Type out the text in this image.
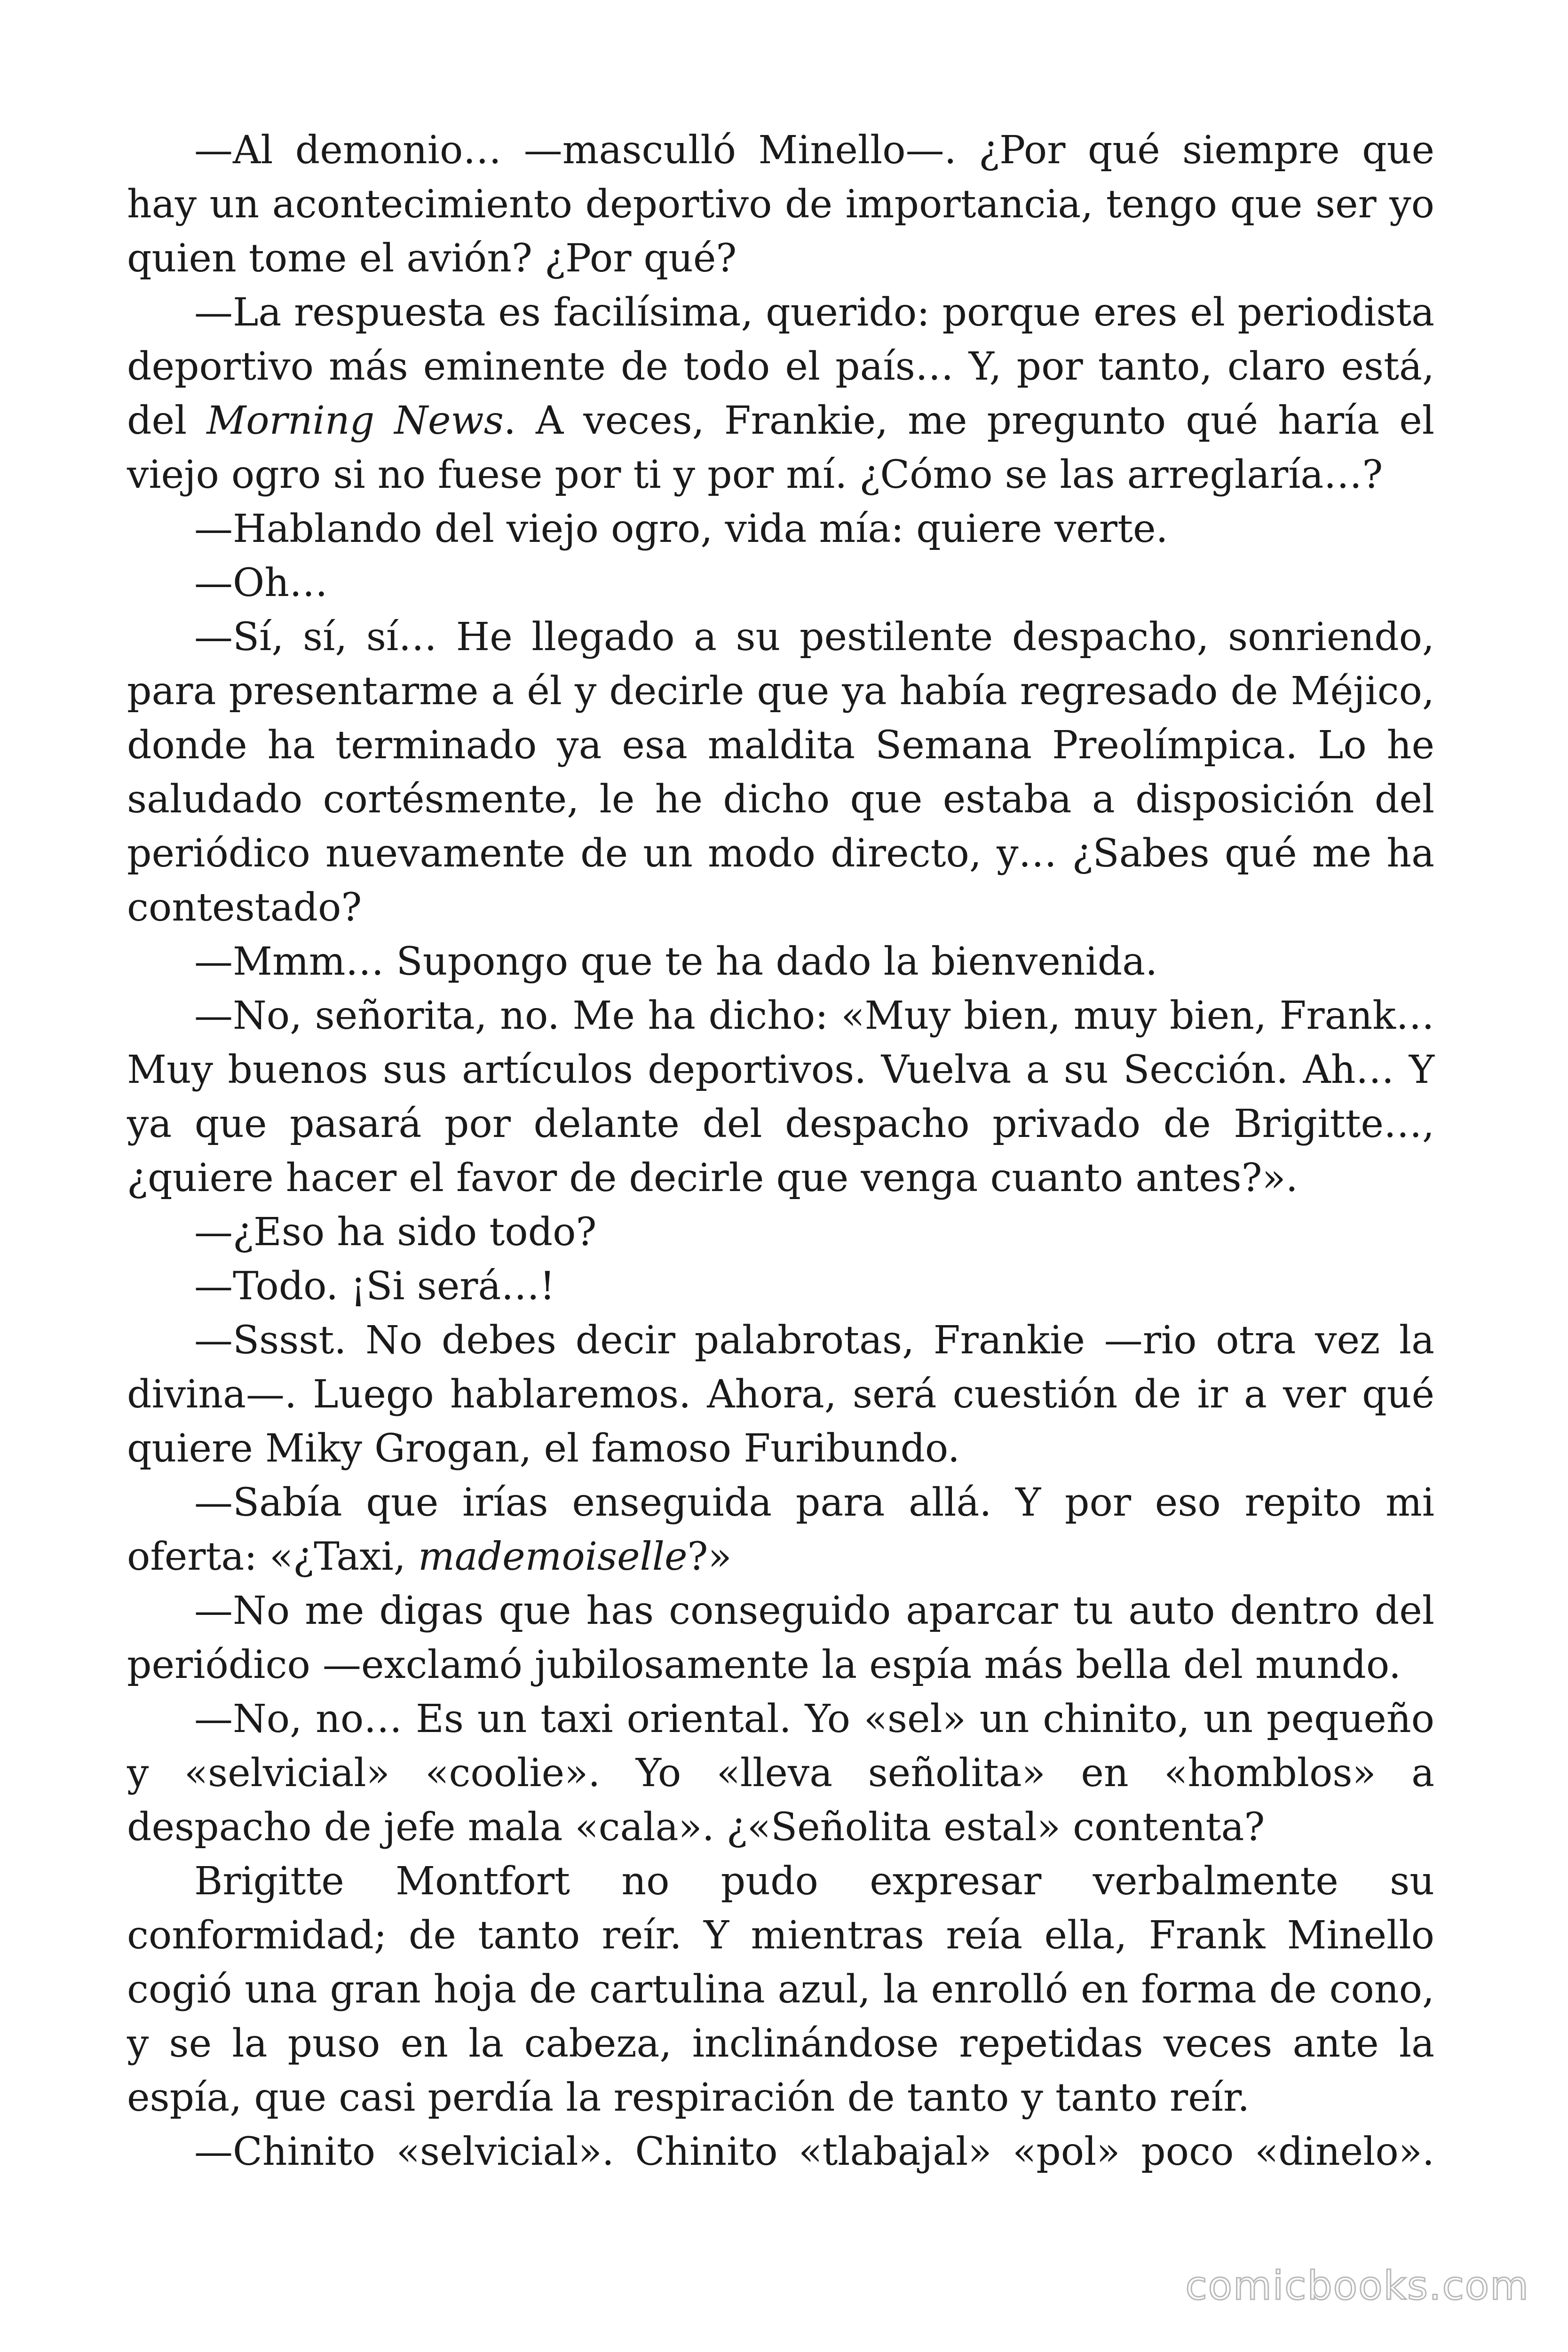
—Al demonio… —masculló Minello—. ¿Por qué siempre que hay un acontecimiento deportivo de importancia, tengo que ser yo quien tome el avión? ¿Por qué?

—La respuesta es facilísima, querido: porque eres el periodista deportivo más eminente de todo el país… Y, por tanto, claro está, del Morning News. A veces, Frankie, me pregunto qué haría el viejo ogro si no fuese por ti y por mí. ¿Cómo se las arreglaría…?

—Hablando del viejo ogro, vida mía: quiere verte.

—Oh…

—Sí, sí, sí… He llegado a su pestilente despacho, sonriendo, para presentarme a él y decirle que ya había regresado de Méjico, donde ha terminado ya esa maldita Semana Preolímpica. Lo he saludado cortésmente, le he dicho que estaba a disposición del periódico nuevamente de un modo directo, y… ¿Sabes qué me ha contestado?

—Mmm… Supongo que te ha dado la bienvenida.

—No, señorita, no. Me ha dicho: «Muy bien, muy bien, Frank… Muy buenos sus artículos deportivos. Vuelva a su Sección. Ah… Y ya que pasará por delante del despacho privado de Brigitte…, ¿quiere hacer el favor de decirle que venga cuanto antes?».

—¿Eso ha sido todo?

—Todo. ¡Si será…!

—Sssst. No debes decir palabrotas, Frankie —rio otra vez la divina—. Luego hablaremos. Ahora, será cuestión de ir a ver qué quiere Miky Grogan, el famoso Furibundo.

—Sabía que irías enseguida para allá. Y por eso repito mi oferta: «¿Taxi, mademoiselle?»

—No me digas que has conseguido aparcar tu auto dentro del periódico —exclamó jubilosamente la espía más bella del mundo.

—No, no… Es un taxi oriental. Yo «sel» un chinito, un pequeño y «selvicial» «coolie». Yo «lleva señolita» en «homblos» a despacho de jefe mala «cala». ¿«Señolita estal» contenta?

Brigitte Montfort no pudo expresar verbalmente su conformidad; de tanto reír. Y mientras reía ella, Frank Minello cogió una gran hoja de cartulina azul, la enrolló en forma de cono, y se la puso en la cabeza, inclinándose repetidas veces ante la espía, que casi perdía la respiración de tanto y tanto reír.

—Chinito «selvicial». Chinito «tlabajal» «pol» poco «dinelo».

comicbooks.com
